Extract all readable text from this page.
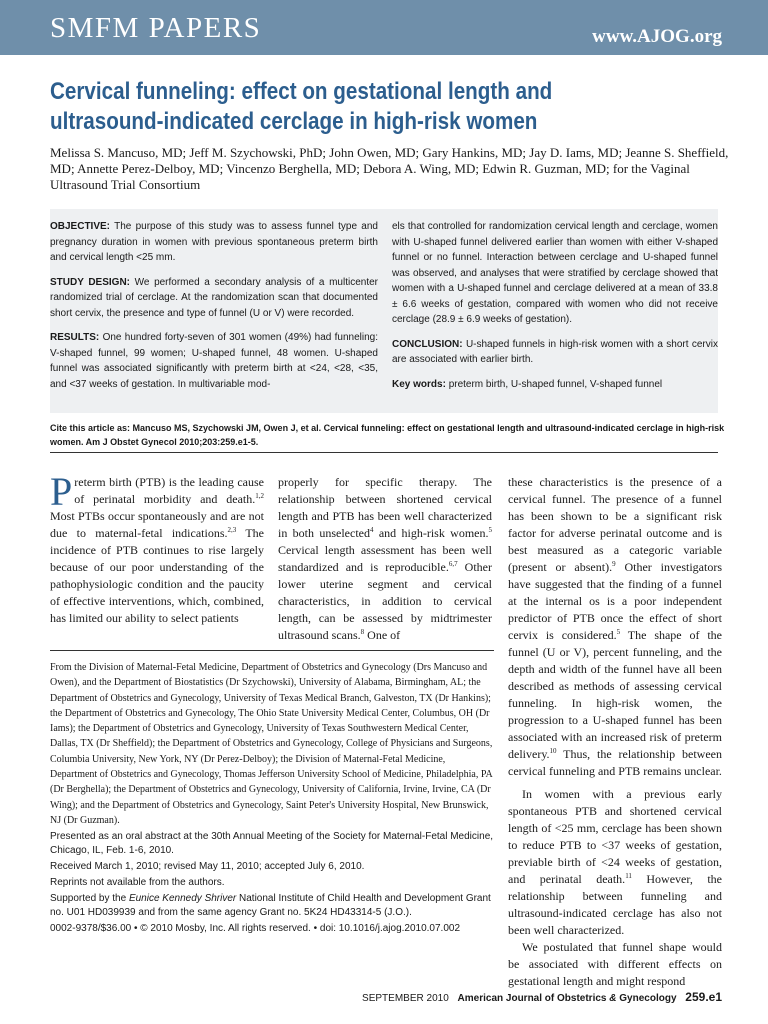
SMFM PAPERS	www.AJOG.org
Cervical funneling: effect on gestational length and ultrasound-indicated cerclage in high-risk women
Melissa S. Mancuso, MD; Jeff M. Szychowski, PhD; John Owen, MD; Gary Hankins, MD; Jay D. Iams, MD; Jeanne S. Sheffield, MD; Annette Perez-Delboy, MD; Vincenzo Berghella, MD; Debora A. Wing, MD; Edwin R. Guzman, MD; for the Vaginal Ultrasound Trial Consortium

OBJECTIVE: The purpose of this study was to assess funnel type and pregnancy duration in women with previous spontaneous preterm birth and cervical length <25 mm.

STUDY DESIGN: We performed a secondary analysis of a multicenter randomized trial of cerclage. At the randomization scan that documented short cervix, the presence and type of funnel (U or V) were recorded.

RESULTS: One hundred forty-seven of 301 women (49%) had funneling: V-shaped funnel, 99 women; U-shaped funnel, 48 women. U-shaped funnel was associated significantly with preterm birth at <24, <28, <35, and <37 weeks of gestation. In multivariable mod-

els that controlled for randomization cervical length and cerclage, women with U-shaped funnel delivered earlier than women with either V-shaped funnel or no funnel. Interaction between cerclage and U-shaped funnel was observed, and analyses that were stratified by cerclage showed that women with a U-shaped funnel and cerclage delivered at a mean of 33.8 ± 6.6 weeks of gestation, compared with women who did not receive cerclage (28.9 ± 6.9 weeks of gestation).

CONCLUSION: U-shaped funnels in high-risk women with a short cervix are associated with earlier birth.

Key words: preterm birth, U-shaped funnel, V-shaped funnel

Cite this article as: Mancuso MS, Szychowski JM, Owen J, et al. Cervical funneling: effect on gestational length and ultrasound-indicated cerclage in high-risk women. Am J Obstet Gynecol 2010;203:259.e1-5.
Preterm birth (PTB) is the leading cause of perinatal morbidity and death.$^{1,2}$ Most PTBs occur spontaneously and are not due to maternal-fetal indications.$^{2,3}$ The incidence of PTB continues to rise largely because of our poor understanding of the pathophysiologic condition and the paucity of effective interventions, which, combined, has limited our ability to select patients
properly for specific therapy. The relationship between shortened cervical length and PTB has been well characterized in both unselected$^4$ and high-risk women.$^5$ Cervical length assessment has been well standardized and is reproducible.$^{6,7}$ Other lower uterine segment and cervical characteristics, in addition to cervical length, can be assessed by midtrimester ultrasound scans.$^8$ One of

these characteristics is the presence of a cervical funnel. The presence of a funnel has been shown to be a significant risk factor for adverse perinatal outcome and is best measured as a categoric variable (present or absent).$^9$ Other investigators have suggested that the finding of a funnel at the internal os is a poor independent predictor of PTB once the effect of short cervix is considered.$^5$ The shape of the funnel (U or V), percent funneling, and the depth and width of the funnel have all been described as methods of assessing cervical funneling. In high-risk women, the progression to a U-shaped funnel has been associated with an increased risk of preterm delivery.$^{10}$ Thus, the relationship between cervical funneling and PTB remains unclear.

In women with a previous early spontaneous PTB and shortened cervical length of <25 mm, cerclage has been shown to reduce PTB to <37 weeks of gestation, previable birth of <24 weeks of gestation, and perinatal death.$^{11}$ However, the relationship between funneling and ultrasound-indicated cerclage has also not been well characterized.

We postulated that funnel shape would be associated with different effects on gestational length and might respond

From the Division of Maternal-Fetal Medicine, Department of Obstetrics and Gynecology (Drs Mancuso and Owen), and the Department of Biostatistics (Dr Szychowski), University of Alabama, Birmingham, AL; the Department of Obstetrics and Gynecology, University of Texas Medical Branch, Galveston, TX (Dr Hankins); the Department of Obstetrics and Gynecology, The Ohio State University Medical Center, Columbus, OH (Dr Iams); the Department of Obstetrics and Gynecology, University of Texas Southwestern Medical Center, Dallas, TX (Dr Sheffield); the Department of Obstetrics and Gynecology, College of Physicians and Surgeons, Columbia University, New York, NY (Dr Perez-Delboy); the Division of Maternal-Fetal Medicine, Department of Obstetrics and Gynecology, Thomas Jefferson University School of Medicine, Philadelphia, PA (Dr Berghella); the Department of Obstetrics and Gynecology, University of California, Irvine, Irvine, CA (Dr Wing); and the Department of Obstetrics and Gynecology, Saint Peter's University Hospital, New Brunswick, NJ (Dr Guzman).

Presented as an oral abstract at the 30th Annual Meeting of the Society for Maternal-Fetal Medicine, Chicago, IL, Feb. 1-6, 2010.

Received March 1, 2010; revised May 11, 2010; accepted July 6, 2010.

Reprints not available from the authors.

Supported by the Eunice Kennedy Shriver National Institute of Child Health and Development Grant no. U01 HD039939 and from the same agency Grant no. 5K24 HD43314-5 (J.O.).

0002-9378/$36.00 • © 2010 Mosby, Inc. All rights reserved. • doi: 10.1016/j.ajog.2010.07.002

SEPTEMBER 2010 American Journal of Obstetrics & Gynecology 259.e1
